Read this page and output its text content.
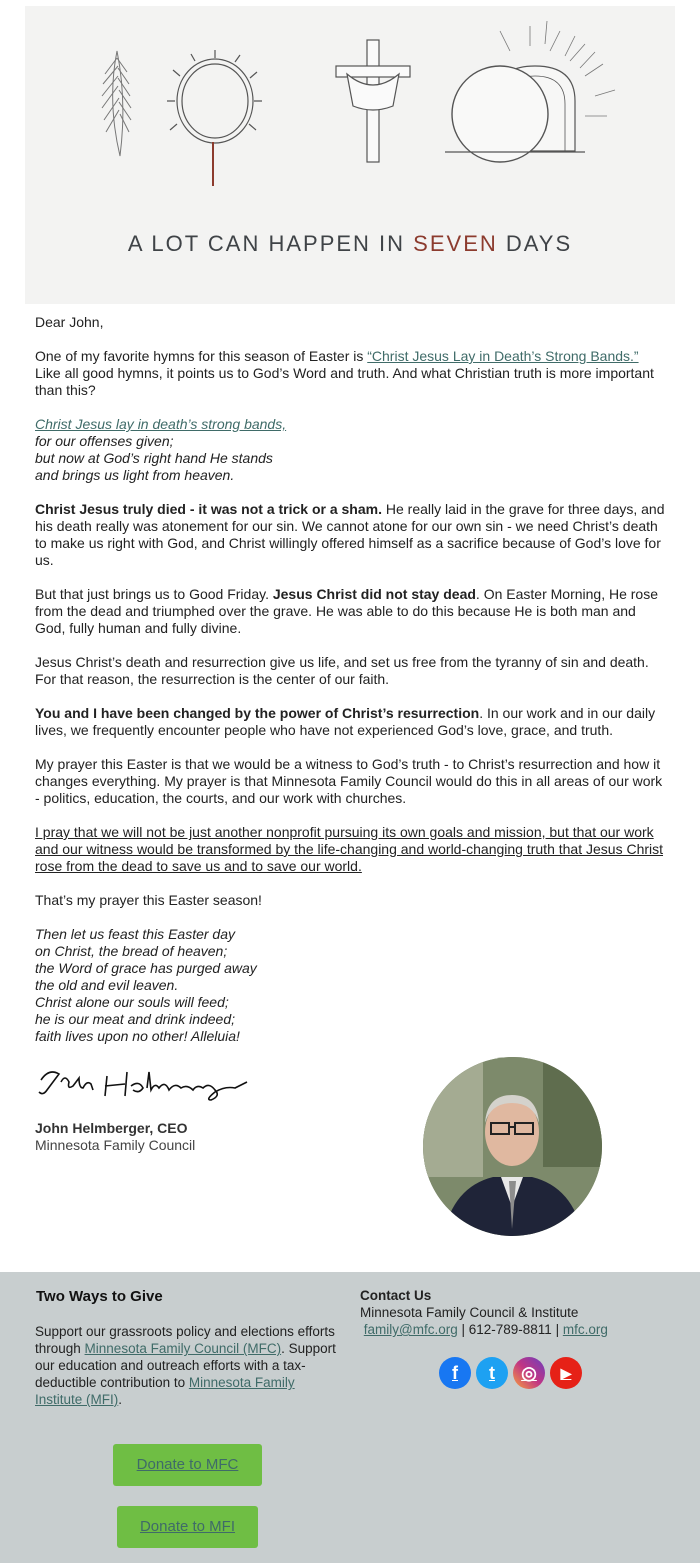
A LOT CAN HAPPEN IN SEVEN DAYS

Dear John,

One of my favorite hymns for this season of Easter is “Christ Jesus Lay in Death’s Strong Bands.” Like all good hymns, it points us to God’s Word and truth. And what Christian truth is more important than this?

Christ Jesus lay in death’s strong bands,
for our offenses given;
but now at God’s right hand He stands
and brings us light from heaven.

Christ Jesus truly died - it was not a trick or a sham. He really laid in the grave for three days, and his death really was atonement for our sin. We cannot atone for our own sin - we need Christ’s death to make us right with God, and Christ willingly offered himself as a sacrifice because of God’s love for us.

But that just brings us to Good Friday. Jesus Christ did not stay dead. On Easter Morning, He rose from the dead and triumphed over the grave. He was able to do this because He is both man and God, fully human and fully divine.

Jesus Christ’s death and resurrection give us life, and set us free from the tyranny of sin and death. For that reason, the resurrection is the center of our faith.

You and I have been changed by the power of Christ’s resurrection. In our work and in our daily lives, we frequently encounter people who have not experienced God’s love, grace, and truth.

My prayer this Easter is that we would be a witness to God’s truth - to Christ’s resurrection and how it changes everything. My prayer is that Minnesota Family Council would do this in all areas of our work - politics, education, the courts, and our work with churches.

I pray that we will not be just another nonprofit pursuing its own goals and mission, but that our work and our witness would be transformed by the life-changing and world-changing truth that Jesus Christ rose from the dead to save us and to save our world.

That’s my prayer this Easter season!

Then let us feast this Easter day
on Christ, the bread of heaven;
the Word of grace has purged away
the old and evil leaven.
Christ alone our souls will feed;
he is our meat and drink indeed;
faith lives upon no other! Alleluia!

John Helmberger, CEO
Minnesota Family Council
Two Ways to Give
Support our grassroots policy and elections efforts through Minnesota Family Council (MFC). Support our education and outreach efforts with a tax-deductible contribution to Minnesota Family Institute (MFI).
Contact Us
Minnesota Family Council & Institute
family@mfc.org | 612-789-8811 | mfc.org
f	t	◎	▶
Donate to MFC
Donate to MFI
